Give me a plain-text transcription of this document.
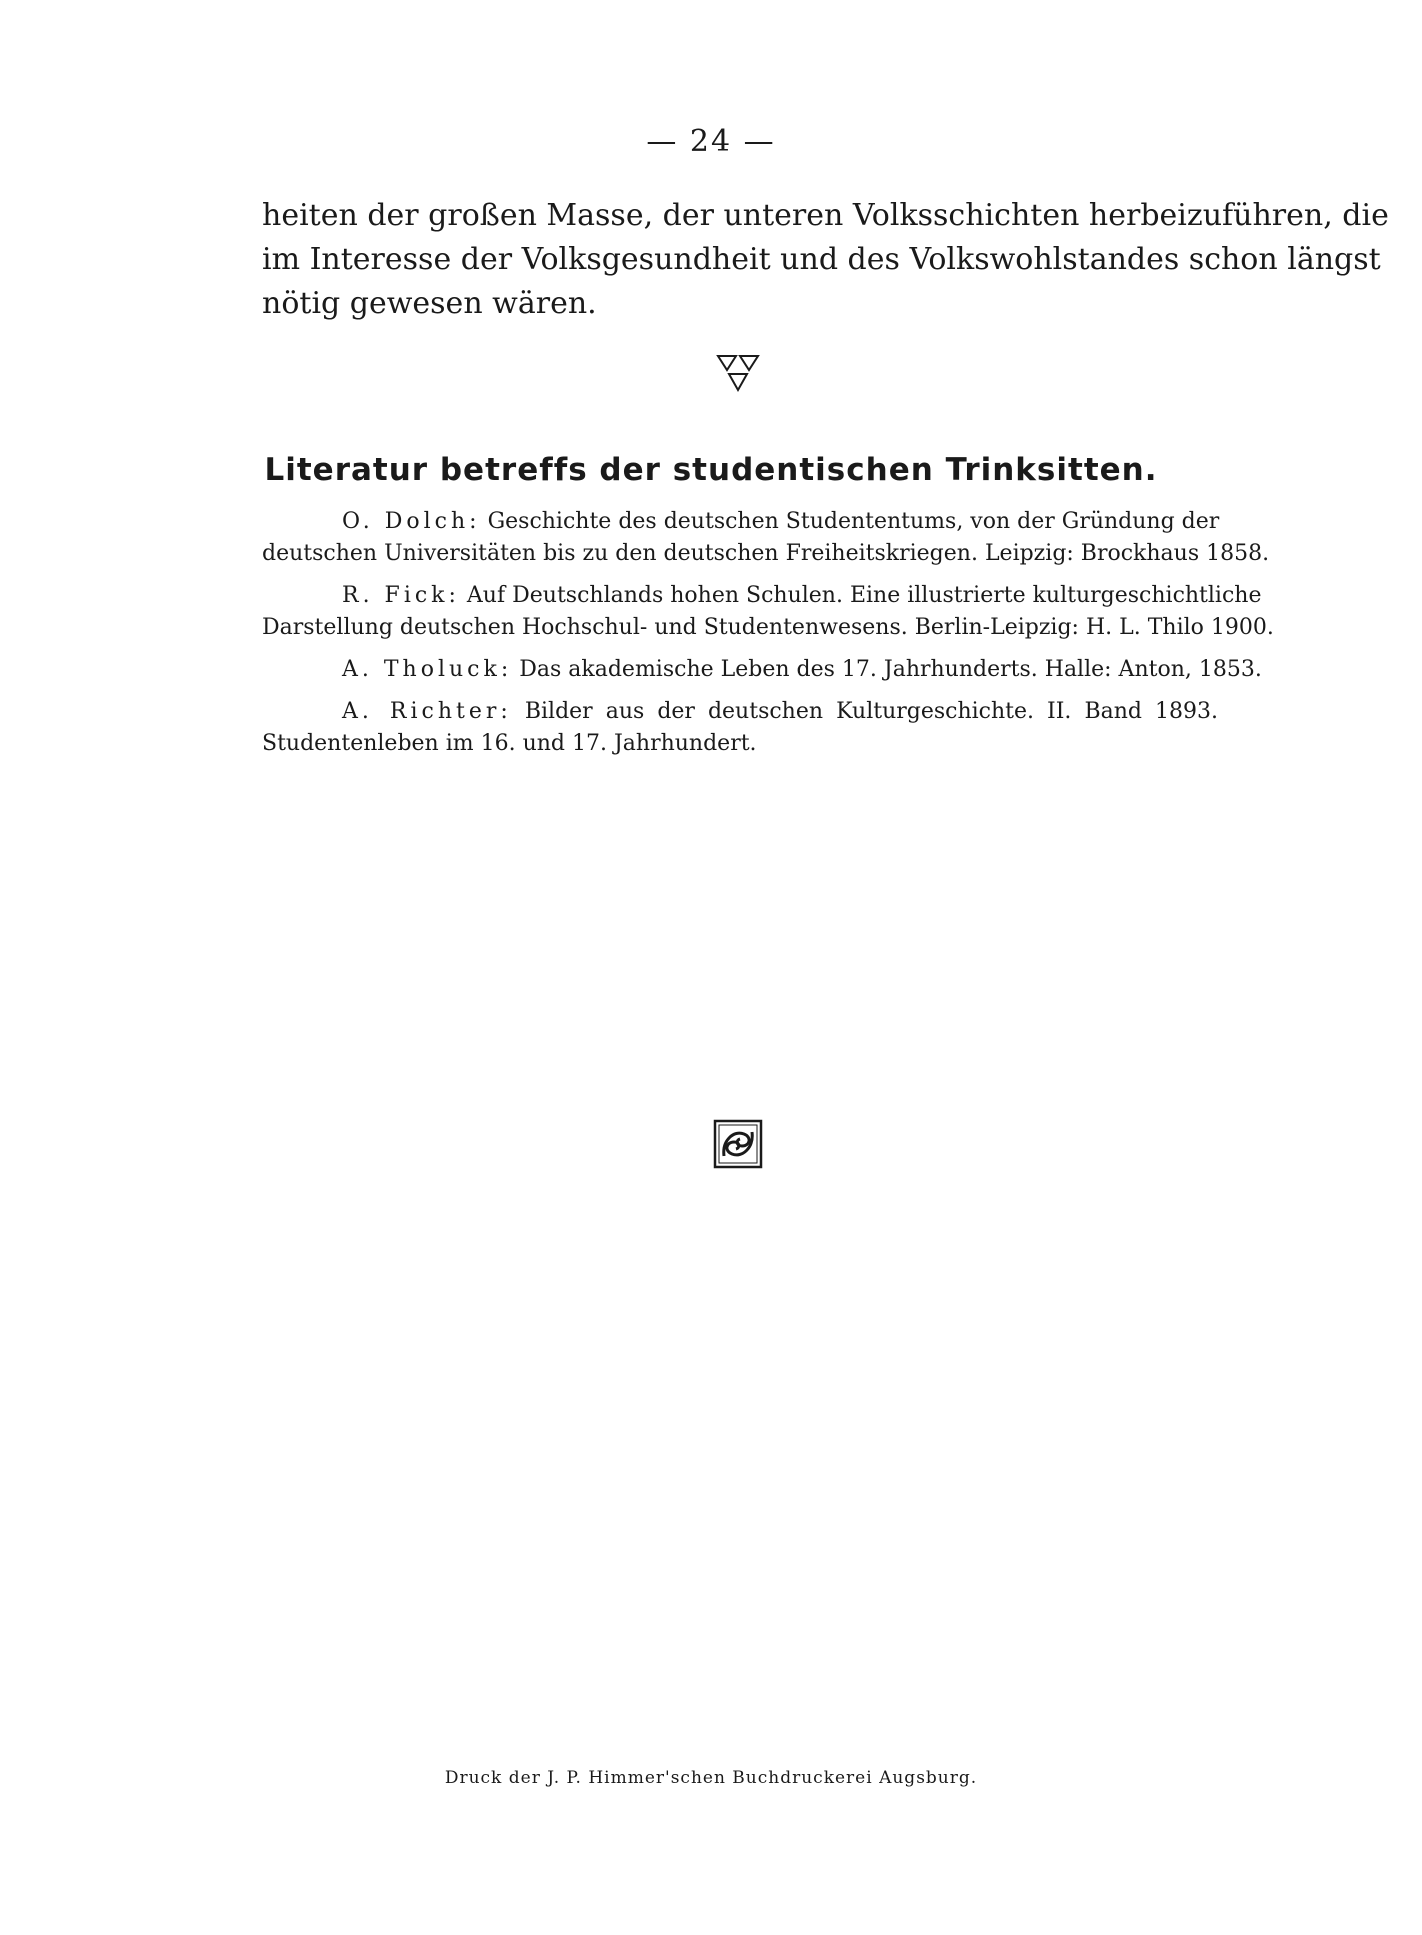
— 24 —
heiten der großen Masse, der unteren Volksschichten herbeizuführen, die
im Interesse der Volksgesundheit und des Volkswohlstandes schon längst
nötig gewesen wären.
Literatur betreffs der studentischen Trinksitten.
O. Dolch: Geschichte des deutschen Studententums, von der Gründung der
deutschen Universitäten bis zu den deutschen Freiheitskriegen. Leipzig: Brockhaus 1858.
R. Fick: Auf Deutschlands hohen Schulen. Eine illustrierte kulturgeschichtliche
Darstellung deutschen Hochschul- und Studentenwesens. Berlin-Leipzig: H. L. Thilo 1900.
A. Tholuck: Das akademische Leben des 17. Jahrhunderts. Halle: Anton, 1853.
A. Richter: Bilder aus der deutschen Kulturgeschichte. II. Band 1893.
Studentenleben im 16. und 17. Jahrhundert.
Druck der J. P. Himmer'schen Buchdruckerei Augsburg.
